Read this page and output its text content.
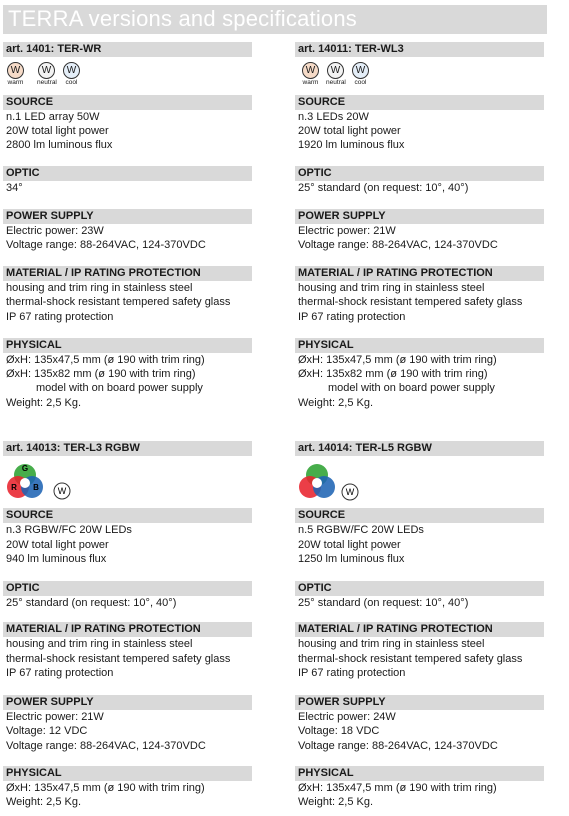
TERRA versions and specifications
art. 1401: TER-WR
W
warm
W
neutral
W
cool
SOURCE
n.1 LED array 50W
20W total light power
2800 lm luminous flux
OPTIC
34°
POWER SUPPLY
Electric power: 23W
Voltage range: 88-264VAC, 124-370VDC
MATERIAL / IP RATING PROTECTION
housing and trim ring in stainless steel
thermal-shock resistant tempered safety glass
IP 67 rating protection
PHYSICAL
ØxH: 135x47,5 mm (ø 190 with trim ring)
ØxH: 135x82 mm (ø 190 with trim ring)
model with on board power supply
Weight: 2,5 Kg.
art. 14011: TER-WL3
W
warm
W
neutral
W
cool
SOURCE
n.3 LEDs 20W
20W total light power
1920 lm luminous flux
OPTIC
25° standard (on request: 10°, 40°)
POWER SUPPLY
Electric power: 21W
Voltage range: 88-264VAC, 124-370VDC
MATERIAL / IP RATING PROTECTION
housing and trim ring in stainless steel
thermal-shock resistant tempered safety glass
IP 67 rating protection
PHYSICAL
ØxH: 135x47,5 mm (ø 190 with trim ring)
ØxH: 135x82 mm (ø 190 with trim ring)
model with on board power supply
Weight: 2,5 Kg.
art. 14013: TER-L3 RGBW
G
R B W
SOURCE
n.3 RGBW/FC 20W LEDs
20W total light power
940 lm luminous flux
OPTIC
25° standard (on request: 10°, 40°)
MATERIAL / IP RATING PROTECTION
housing and trim ring in stainless steel
thermal-shock resistant tempered safety glass
IP 67 rating protection
POWER SUPPLY
Electric power: 21W
Voltage: 12 VDC
Voltage range: 88-264VAC, 124-370VDC
PHYSICAL
ØxH: 135x47,5 mm (ø 190 with trim ring)
Weight: 2,5 Kg.
art. 14014: TER-L5 RGBW
W
SOURCE
n.5 RGBW/FC 20W LEDs
20W total light power
1250 lm luminous flux
OPTIC
25° standard (on request: 10°, 40°)
MATERIAL / IP RATING PROTECTION
housing and trim ring in stainless steel
thermal-shock resistant tempered safety glass
IP 67 rating protection
POWER SUPPLY
Electric power: 24W
Voltage: 18 VDC
Voltage range: 88-264VAC, 124-370VDC
PHYSICAL
ØxH: 135x47,5 mm (ø 190 with trim ring)
Weight: 2,5 Kg.
